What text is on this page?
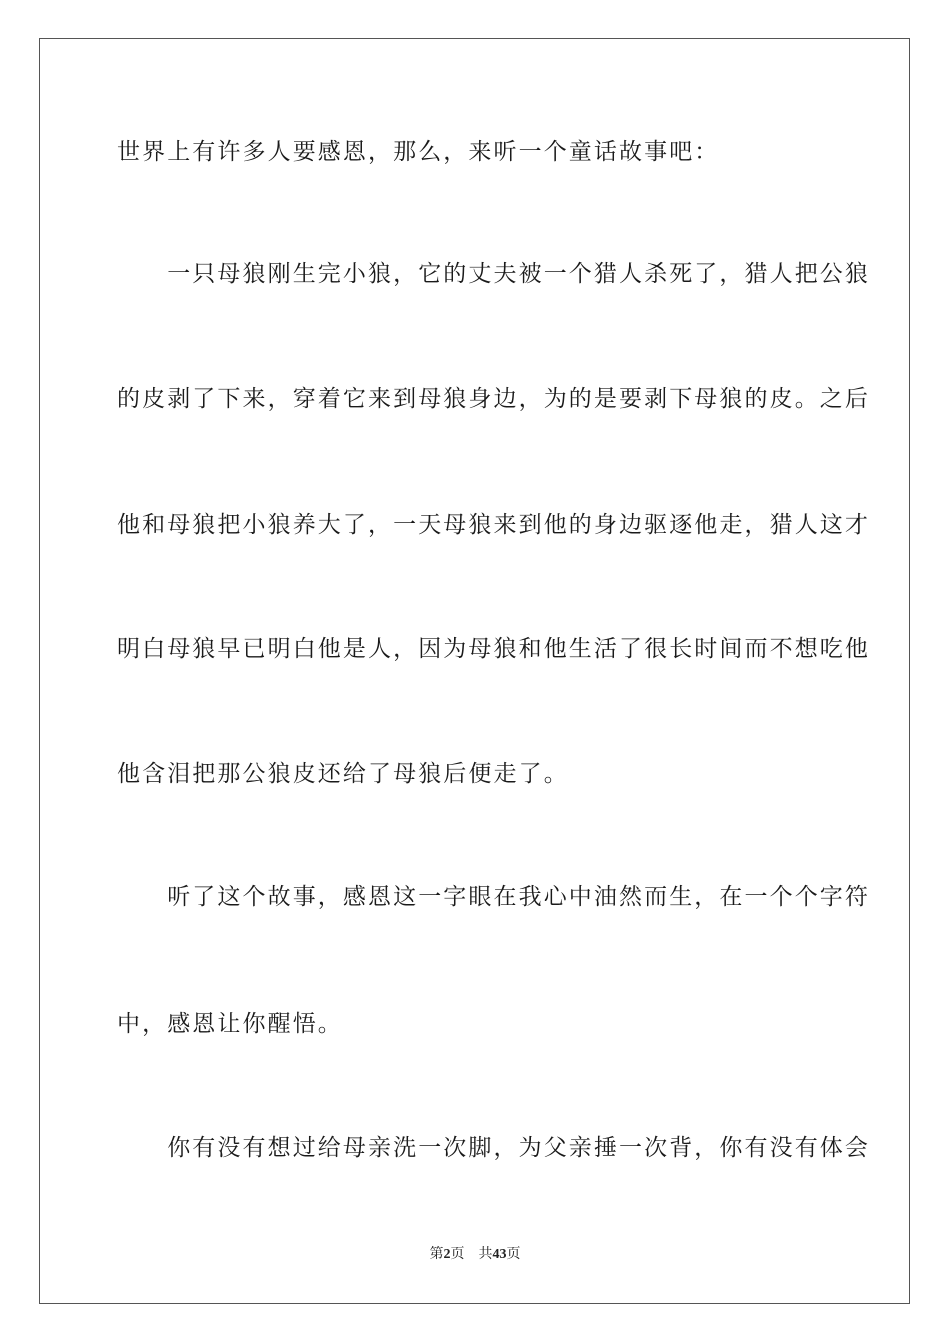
世界上有许多人要感恩，那么，来听一个童话故事吧：
　　一只母狼刚生完小狼，它的丈夫被一个猎人杀死了，猎人把公狼
的皮剥了下来，穿着它来到母狼身边，为的是要剥下母狼的皮。之后
他和母狼把小狼养大了，一天母狼来到他的身边驱逐他走，猎人这才
明白母狼早已明白他是人，因为母狼和他生活了很长时间而不想吃他
他含泪把那公狼皮还给了母狼后便走了。
　　听了这个故事，感恩这一字眼在我心中油然而生，在一个个字符
中，感恩让你醒悟。
　　你有没有想过给母亲洗一次脚，为父亲捶一次背，你有没有体会
第2页 共43页
